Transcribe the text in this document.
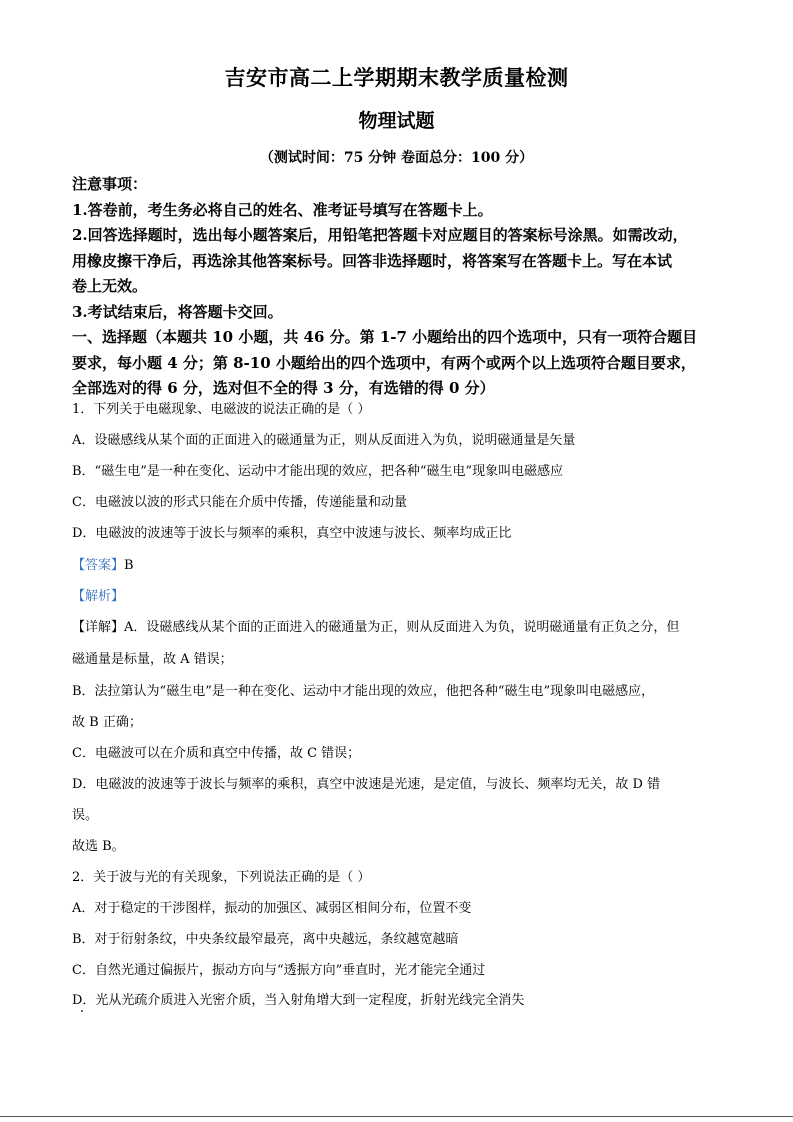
吉安市高二上学期期末教学质量检测
物理试题
（测试时间：75 分钟 卷面总分：100 分）
注意事项：
1.答卷前，考生务必将自己的姓名、准考证号填写在答题卡上。
2.回答选择题时，选出每小题答案后，用铅笔把答题卡对应题目的答案标号涂黑。如需改动，
用橡皮擦干净后，再选涂其他答案标号。回答非选择题时，将答案写在答题卡上。写在本试
卷上无效。
3.考试结束后，将答题卡交回。
一、选择题（本题共 10 小题，共 46 分。第 1-7 小题给出的四个选项中，只有一项符合题目
要求，每小题 4 分；第 8-10 小题给出的四个选项中，有两个或两个以上选项符合题目要求，
全部选对的得 6 分，选对但不全的得 3 分，有选错的得 0 分）
1．下列关于电磁现象、电磁波的说法正确的是（ ）
A．设磁感线从某个面的正面进入的磁通量为正，则从反面进入为负，说明磁通量是矢量
B．“磁生电”是一种在变化、运动中才能出现的效应，把各种“磁生电”现象叫电磁感应
C．电磁波以波的形式只能在介质中传播，传递能量和动量
D．电磁波的波速等于波长与频率的乘积，真空中波速与波长、频率均成正比
【答案】B
【解析】
【详解】A．设磁感线从某个面的正面进入的磁通量为正，则从反面进入为负，说明磁通量有正负之分，但
磁通量是标量，故 A 错误；
B．法拉第认为“磁生电”是一种在变化、运动中才能出现的效应，他把各种“磁生电”现象叫电磁感应，
故 B 正确；
C．电磁波可以在介质和真空中传播，故 C 错误；
D．电磁波的波速等于波长与频率的乘积，真空中波速是光速，是定值，与波长、频率均无关，故 D 错
误。
故选 B。
2．关于波与光的有关现象，下列说法正确的是（ ）
A．对于稳定的干涉图样，振动的加强区、减弱区相间分布，位置不变
B．对于衍射条纹，中央条纹最窄最亮，离中央越远，条纹越宽越暗
C．自然光通过偏振片，振动方向与“透振方向”垂直时，光才能完全通过
D．光从光疏介质进入光密介质，当入射角增大到一定程度，折射光线完全消失
